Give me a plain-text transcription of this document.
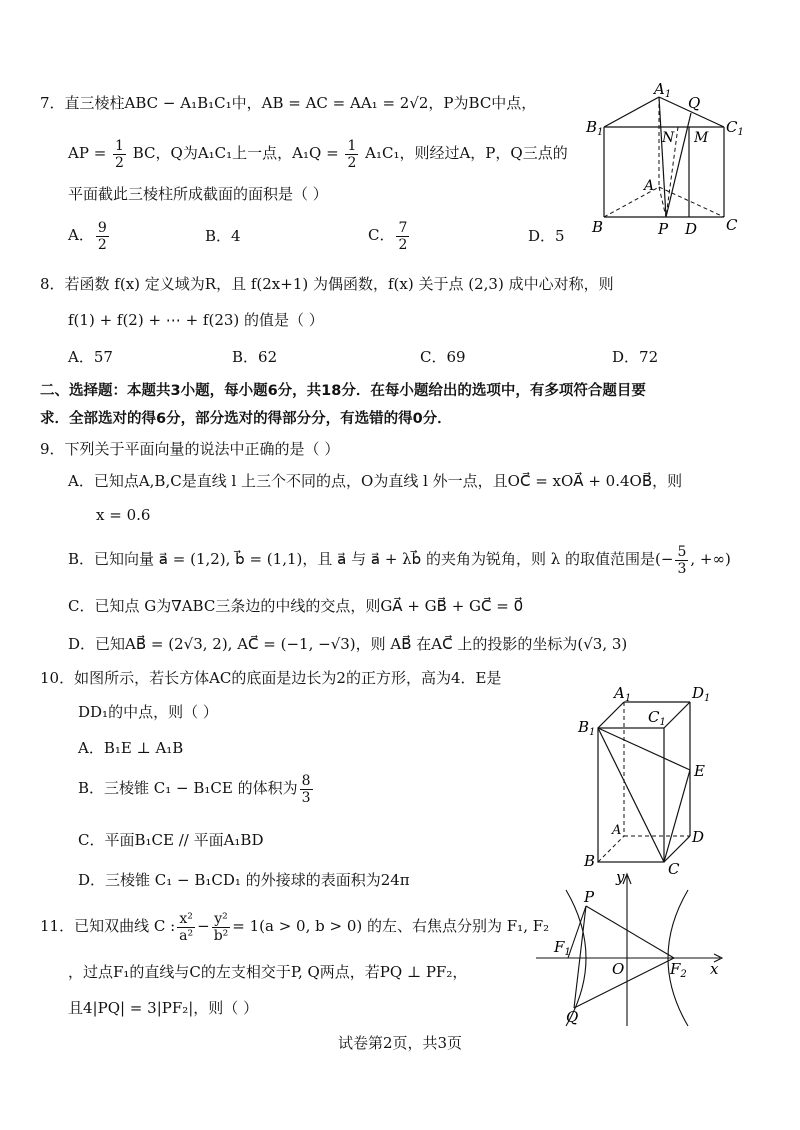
7．直三棱柱ABC − A₁B₁C₁中，AB = AC = AA₁ = 2√2，P为BC中点，
AP = $\frac{1}{2}$ BC，Q为A₁C₁上一点，$A_1Q = \frac{1}{2} A_1C_1$，则经过A，P，Q三点的
平面截此三棱柱所成截面的面积是（ ）
A． $\frac{9}{2}$	B．4	C． $\frac{7}{2}$	D．5
$A_1$ Q
$B_1$	$C_1$
N M
A
B	C
P D
8．若函数 f(x) 定义域为R，且 f(2x+1) 为偶函数，f(x) 关于点 (2,3) 成中心对称，则
f(1) + f(2) + ⋯ + f(23) 的值是（ ）
A．57	B．62	C．69	D．72
二、选择题：本题共3小题，每小题6分，共18分．在每小题给出的选项中，有多项符合题目要
求．全部选对的得6分，部分选对的得部分分，有选错的得0分．
9．下列关于平面向量的说法中正确的是（ ）
A．已知点A,B,C是直线 l 上三个不同的点，O为直线 l 外一点，且OC⃗ = xOA⃗ + 0.4OB⃗，则
x = 0.6
B．已知向量 a⃗ = (1,2), b⃗ = (1,1)，且 a⃗ 与 a⃗ + λb⃗ 的夹角为锐角，则 λ 的取值范围是(− $\frac{5}{3}$ , +∞)
C．已知点 G为∇ABC三条边的中线的交点，则GA⃗ + GB⃗ + GC⃗ = 0⃗
D．已知AB⃗ = (2√3, 2), AC⃗ = (−1, −√3)，则 AB⃗ 在AC⃗ 上的投影的坐标为(√3, 3)
10．如图所示，若长方体AC的底面是边长为2的正方形，高为4．E是
DD₁的中点，则（ ）
A．B₁E ⊥ A₁B
B．三棱锥 C₁ − B₁CE 的体积为 $\frac{8}{3}$
C．平面B₁CE // 平面A₁BD
D．三棱锥 C₁ − B₁CD₁ 的外接球的表面积为24π
$A_1$	$D_1$
$C_1$
$B_1$
E
A	D
B	C
11．已知双曲线 C : $\frac{\text{x²}}{\text{a²}} - \frac{\text{y²}}{\text{b²}} = 1(a > 0$, b > 0) 的左、右焦点分别为 F₁, F₂
，过点F₁的直线与C的左支相交于P, Q两点，若PQ ⊥ PF₂，
且4|PQ| = 3|PF₂|，则（ ）
y
x
O
P
Q
$F_1$
$F_2$
试卷第2页，共3页
